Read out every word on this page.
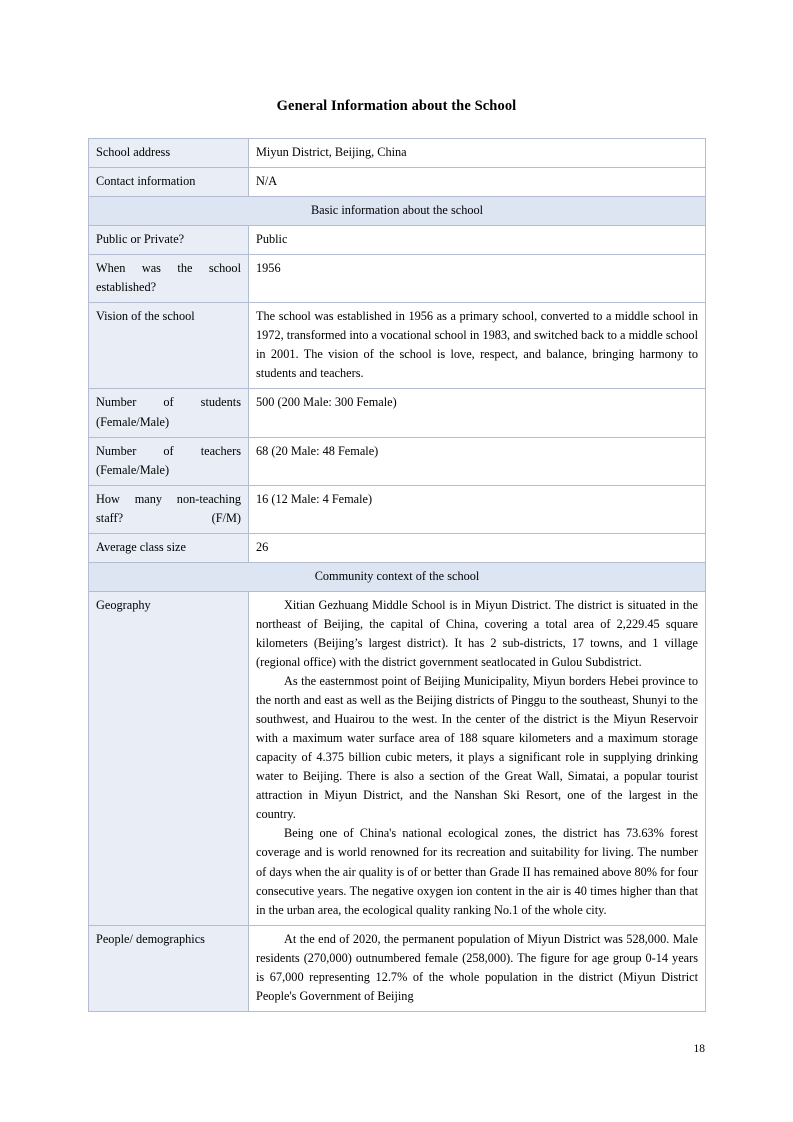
General Information about the School
School address	Miyun District, Beijing, China
Contact information	N/A
Basic information about the school	
Public or Private?	Public
When was the school established?	1956
Vision of the school	The school was established in 1956 as a primary school, converted to a middle school in 1972, transformed into a vocational school in 1983, and switched back to a middle school in 2001. The vision of the school is love, respect, and balance, bringing harmony to students and teachers.
Number of students (Female/Male)	500 (200 Male: 300 Female)
Number of teachers (Female/Male)	68 (20 Male: 48 Female)
How many non-teaching staff? (F/M)	16 (12 Male: 4 Female)
Average class size	26
Community context of the school	
Geography	Xitian Gezhuang Middle School is in Miyun District. The district is situated in the northeast of Beijing, the capital of China, covering a total area of 2,229.45 square kilometers (Beijing’s largest district). It has 2 sub-districts, 17 towns, and 1 village (regional office) with the district government seatlocated in Gulou Subdistrict.

As the easternmost point of Beijing Municipality, Miyun borders Hebei province to the north and east as well as the Beijing districts of Pinggu to the southeast, Shunyi to the southwest, and Huairou to the west. In the center of the district is the Miyun Reservoir with a maximum water surface area of 188 square kilometers and a maximum storage capacity of 4.375 billion cubic meters, it plays a significant role in supplying drinking water to Beijing. There is also a section of the Great Wall, Simatai, a popular tourist attraction in Miyun District, and the Nanshan Ski Resort, one of the largest in the country.

Being one of China's national ecological zones, the district has 73.63% forest coverage and is world renowned for its recreation and suitability for living. The number of days when the air quality is of or better than Grade II has remained above 80% for four consecutive years. The negative oxygen ion content in the air is 40 times higher than that in the urban area, the ecological quality ranking No.1 of the whole city.

People/ demographics	At the end of 2020, the permanent population of Miyun District was 528,000. Male residents (270,000) outnumbered female (258,000). The figure for age group 0-14 years is 67,000 representing 12.7% of the whole population in the district (Miyun District People's Government of Beijing

18
